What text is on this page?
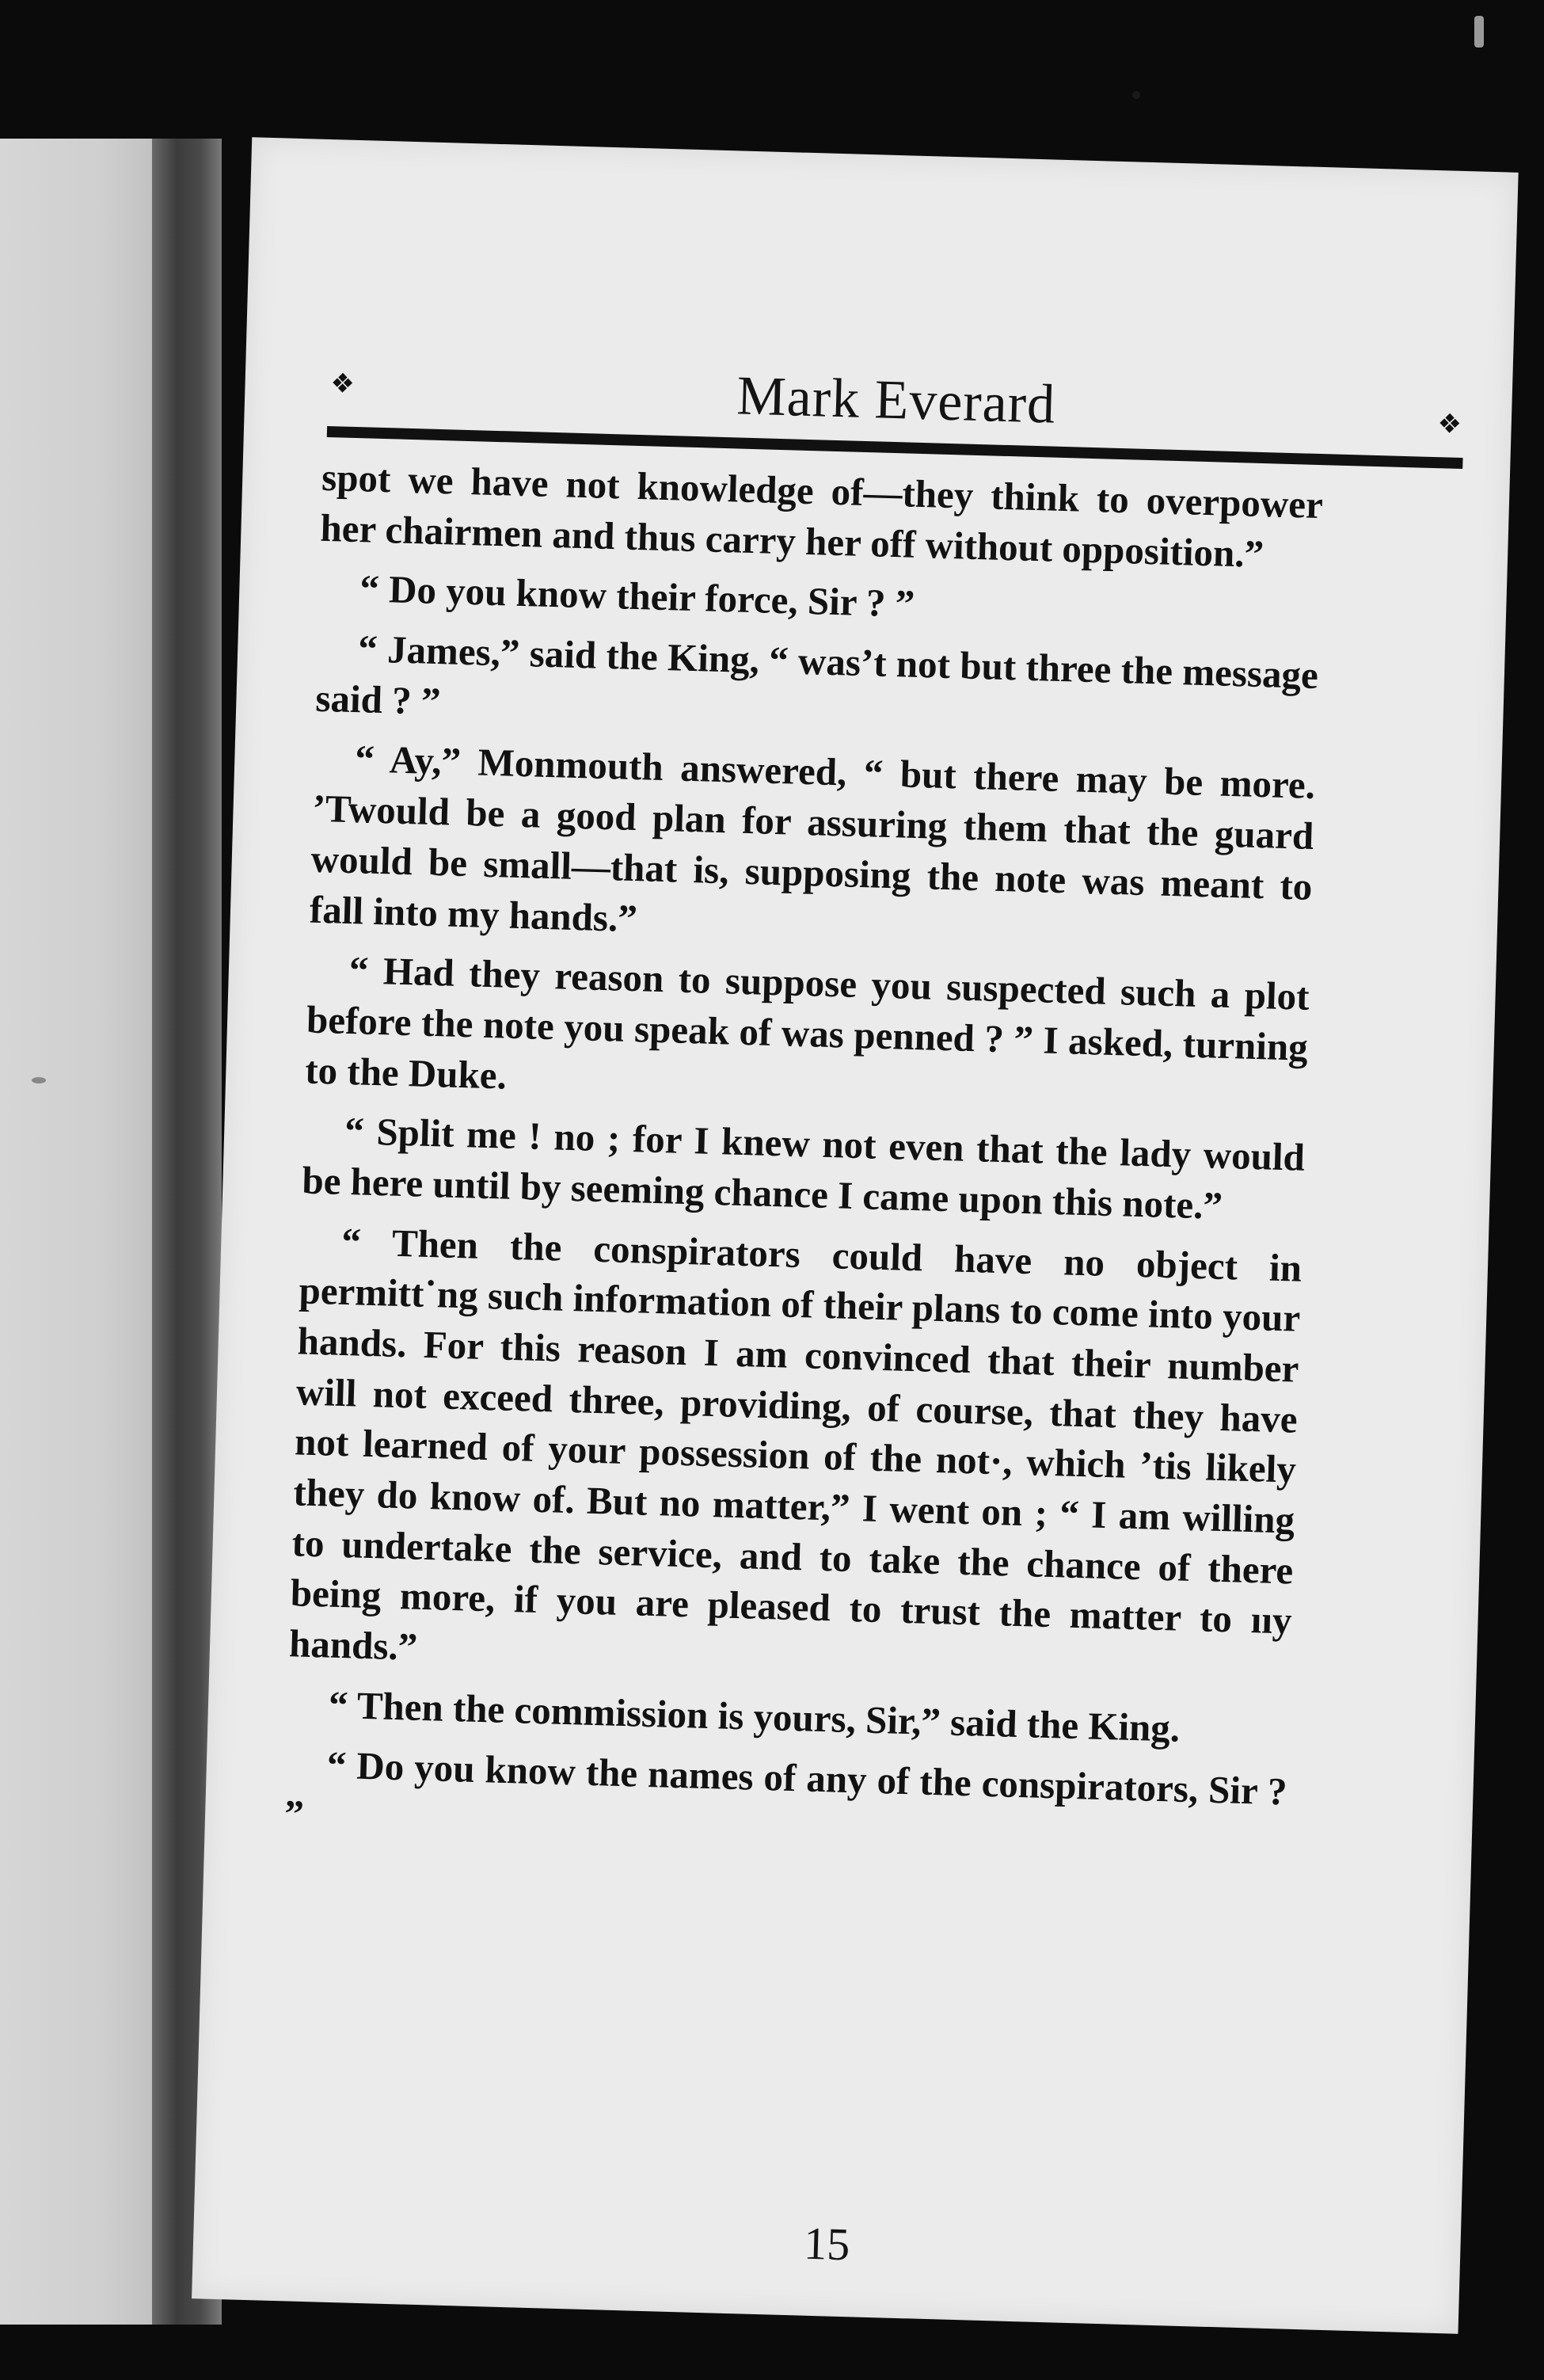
❖	Mark Everard	❖

spot we have not knowledge of—they think to overpower her chairmen and thus carry her off without opposition.”

“ Do you know their force, Sir ? ”

“ James,” said the King, “ was’t not but three the message said ? ”

“ Ay,” Monmouth answered, “ but there may be more. ’Twould be a good plan for assuring them that the guard would be small—that is, supposing the note was meant to fall into my hands.”

“ Had they reason to suppose you suspected such a plot before the note you speak of was penned ? ” I asked, turning to the Duke.

“ Split me ! no ; for I knew not even that the lady would be here until by seeming chance I came upon this note.”

“ Then the conspirators could have no object in permitt˙ng such information of their plans to come into your hands. For this reason I am convinced that their number will not exceed three, providing, of course, that they have not learned of your possession of the not·, which ’tis likely they do know of. But no matter,” I went on ; “ I am willing to undertake the service, and to take the chance of there being more, if you are pleased to trust the matter to ııy hands.”

“ Then the commission is yours, Sir,” said the King.

“ Do you know the names of any of the conspirators, Sir ? ”

15
